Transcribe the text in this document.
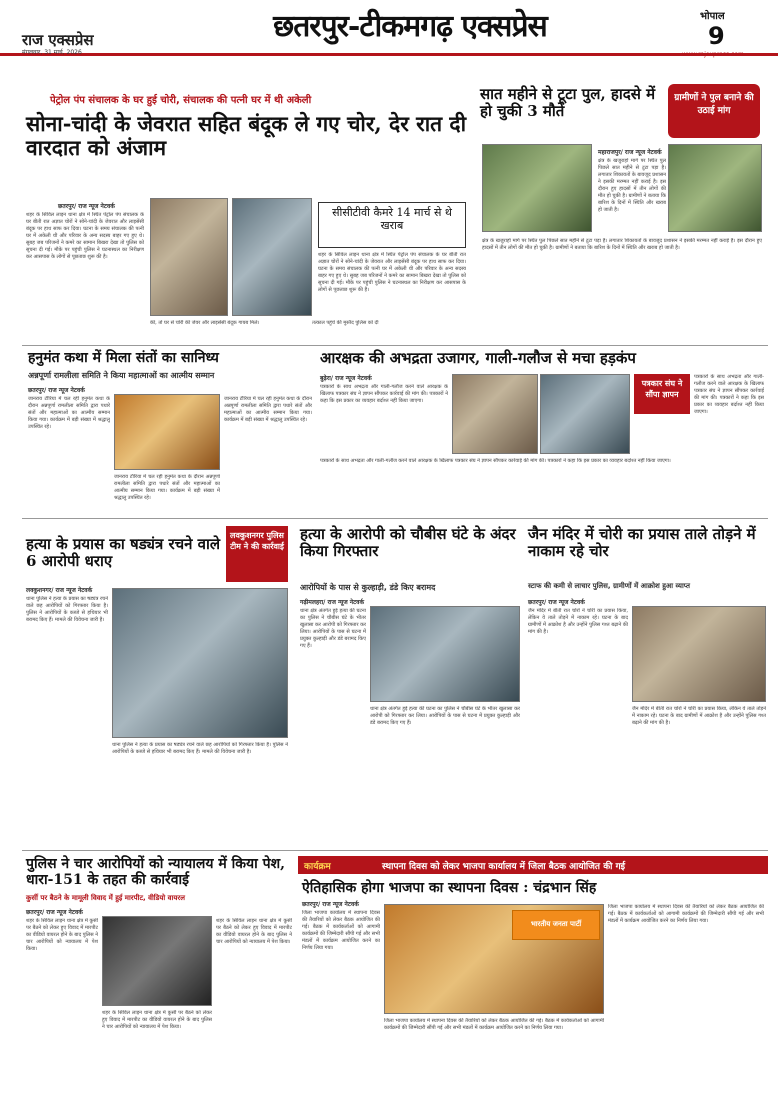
राज एक्सप्रेस
मंगलवार, 31 मार्च, 2026
छतरपुर-टीकमगढ़ एक्सप्रेस	भोपाल
9
www.rajexpress.com
पेट्रोल पंप संचालक के घर हुई चोरी, संचालक की पत्नी घर में थी अकेली
सोना-चांदी के जेवरात सहित बंदूक ले गए चोर, देर रात दी वारदात को अंजाम
छतरपुर/ राज न्यूज नेटवर्क
शहर के सिविल लाइन थाना क्षेत्र में स्थित पेट्रोल पंप संचालक के घर बीती रात अज्ञात चोरों ने सोने-चांदी के जेवरात और लाइसेंसी बंदूक पर हाथ साफ कर दिया। घटना के समय संचालक की पत्नी घर में अकेली थी और परिवार के अन्य सदस्य बाहर गए हुए थे। सुबह जब परिजनों ने कमरे का सामान बिखरा देखा तो पुलिस को सूचना दी गई। मौके पर पहुंची पुलिस ने घटनास्थल का निरीक्षण कर आसपास के लोगों से पूछताछ शुरू की है।
की, तो घर से चोरी की जेवर और लाइसेंसी बंदूक गायब मिले।	तत्काल पहुंचे की मुस्तैद पुलिस को दी
सीसीटीवी कैमरे 14 मार्च से थे खराब
शहर के सिविल लाइन थाना क्षेत्र में स्थित पेट्रोल पंप संचालक के घर बीती रात अज्ञात चोरों ने सोने-चांदी के जेवरात और लाइसेंसी बंदूक पर हाथ साफ कर दिया। घटना के समय संचालक की पत्नी घर में अकेली थी और परिवार के अन्य सदस्य बाहर गए हुए थे। सुबह जब परिजनों ने कमरे का सामान बिखरा देखा तो पुलिस को सूचना दी गई। मौके पर पहुंची पुलिस ने घटनास्थल का निरीक्षण कर आसपास के लोगों से पूछताछ शुरू की है।
सात महीने से टूटा पुल, हादसे में हो चुकी 3 मौतें
ग्रामीणों ने पुल बनाने की उठाई मांग
महाराजपुर/ राज न्यूज नेटवर्क
क्षेत्र के खजुराहो मार्ग पर स्थित पुल पिछले सात महीने से टूटा पड़ा है। लगातार शिकायतों के बावजूद प्रशासन ने इसकी मरम्मत नहीं कराई है। इस दौरान हुए हादसों में तीन लोगों की मौत हो चुकी है। ग्रामीणों ने बताया कि बारिश के दिनों में स्थिति और खराब हो जाती है।
क्षेत्र के खजुराहो मार्ग पर स्थित पुल पिछले सात महीने से टूटा पड़ा है। लगातार शिकायतों के बावजूद प्रशासन ने इसकी मरम्मत नहीं कराई है। इस दौरान हुए हादसों में तीन लोगों की मौत हो चुकी है। ग्रामीणों ने बताया कि बारिश के दिनों में स्थिति और खराब हो जाती है।
हनुमंत कथा में मिला संतों का सानिध्य
अन्नपूर्णा रामलीला समिति ने किया महात्माओं का आत्मीय सम्मान
छतरपुर/ राज न्यूज नेटवर्क
जानराय टौरिया में चल रही हनुमंत कथा के दौरान अन्नपूर्णा रामलीला समिति द्वारा पधारे संतों और महात्माओं का आत्मीय सम्मान किया गया। कार्यक्रम में बड़ी संख्या में श्रद्धालु उपस्थित रहे।
जानराय टौरिया में चल रही हनुमंत कथा के दौरान अन्नपूर्णा रामलीला समिति द्वारा पधारे संतों और महात्माओं का आत्मीय सम्मान किया गया। कार्यक्रम में बड़ी संख्या में श्रद्धालु उपस्थित रहे।
जानराय टौरिया में चल रही हनुमंत कथा के दौरान अन्नपूर्णा रामलीला समिति द्वारा पधारे संतों और महात्माओं का आत्मीय सम्मान किया गया। कार्यक्रम में बड़ी संख्या में श्रद्धालु उपस्थित रहे।
आरक्षक की अभद्रता उजागर, गाली-गलौज से मचा हड़कंप
बुढ़ेरा/ राज न्यूज नेटवर्क
पत्रकारों के साथ अभद्रता और गाली-गलौज करने वाले आरक्षक के खिलाफ पत्रकार संघ ने ज्ञापन सौंपकर कार्रवाई की मांग की। पत्रकारों ने कहा कि इस प्रकार का व्यवहार बर्दाश्त नहीं किया जाएगा।
पत्रकार संघ ने सौंपा ज्ञापन
पत्रकारों के साथ अभद्रता और गाली-गलौज करने वाले आरक्षक के खिलाफ पत्रकार संघ ने ज्ञापन सौंपकर कार्रवाई की मांग की। पत्रकारों ने कहा कि इस प्रकार का व्यवहार बर्दाश्त नहीं किया जाएगा।
पत्रकारों के साथ अभद्रता और गाली-गलौज करने वाले आरक्षक के खिलाफ पत्रकार संघ ने ज्ञापन सौंपकर कार्रवाई की मांग की। पत्रकारों ने कहा कि इस प्रकार का व्यवहार बर्दाश्त नहीं किया जाएगा।
हत्या के प्रयास का षड्यंत्र रचने वाले 6 आरोपी धराए
लवकुशनगर पुलिस टीम ने की कार्रवाई
लवकुशनगर/ राज न्यूज नेटवर्क
थाना पुलिस ने हत्या के प्रयास का षड्यंत्र रचने वाले छह आरोपियों को गिरफ्तार किया है। पुलिस ने आरोपियों के कब्जे से हथियार भी बरामद किए हैं। मामले की विवेचना जारी है।
थाना पुलिस ने हत्या के प्रयास का षड्यंत्र रचने वाले छह आरोपियों को गिरफ्तार किया है। पुलिस ने आरोपियों के कब्जे से हथियार भी बरामद किए हैं। मामले की विवेचना जारी है।
हत्या के आरोपी को चौबीस घंटे के अंदर किया गिरफ्तार
आरोपियों के पास से कुल्हाड़ी, डंडे किए बरामद
गढ़ीमलहरा/ राज न्यूज नेटवर्क
थाना क्षेत्र अंतर्गत हुई हत्या की घटना का पुलिस ने चौबीस घंटे के भीतर खुलासा कर आरोपी को गिरफ्तार कर लिया। आरोपियों के पास से घटना में प्रयुक्त कुल्हाड़ी और डंडे बरामद किए गए हैं।
थाना क्षेत्र अंतर्गत हुई हत्या की घटना का पुलिस ने चौबीस घंटे के भीतर खुलासा कर आरोपी को गिरफ्तार कर लिया। आरोपियों के पास से घटना में प्रयुक्त कुल्हाड़ी और डंडे बरामद किए गए हैं।
जैन मंदिर में चोरी का प्रयास ताले तोड़ने में नाकाम रहे चोर
स्टाफ की कमी से लाचार पुलिस, ग्रामीणों में आक्रोश हुआ व्याप्त
छतरपुर/ राज न्यूज नेटवर्क
जैन मंदिर में बीती रात चोरों ने चोरी का प्रयास किया, लेकिन वे ताले तोड़ने में नाकाम रहे। घटना के बाद ग्रामीणों में आक्रोश है और उन्होंने पुलिस गश्त बढ़ाने की मांग की है।
जैन मंदिर में बीती रात चोरों ने चोरी का प्रयास किया, लेकिन वे ताले तोड़ने में नाकाम रहे। घटना के बाद ग्रामीणों में आक्रोश है और उन्होंने पुलिस गश्त बढ़ाने की मांग की है।
पुलिस ने चार आरोपियों को न्यायालय में किया पेश, धारा-151 के तहत की कार्रवाई
कुर्सी पर बैठने के मामूली विवाद में हुई मारपीट, वीडियो वायरल
छतरपुर/ राज न्यूज नेटवर्क
शहर के सिविल लाइन थाना क्षेत्र में कुर्सी पर बैठने को लेकर हुए विवाद में मारपीट का वीडियो वायरल होने के बाद पुलिस ने चार आरोपियों को न्यायालय में पेश किया।
शहर के सिविल लाइन थाना क्षेत्र में कुर्सी पर बैठने को लेकर हुए विवाद में मारपीट का वीडियो वायरल होने के बाद पुलिस ने चार आरोपियों को न्यायालय में पेश किया।
शहर के सिविल लाइन थाना क्षेत्र में कुर्सी पर बैठने को लेकर हुए विवाद में मारपीट का वीडियो वायरल होने के बाद पुलिस ने चार आरोपियों को न्यायालय में पेश किया।
कार्यक्रम	स्थापना दिवस को लेकर भाजपा कार्यालय में जिला बैठक आयोजित की गई
ऐतिहासिक होगा भाजपा का स्थापना दिवस : चंद्रभान सिंह
छतरपुर/ राज न्यूज नेटवर्क
जिला भाजपा कार्यालय में स्थापना दिवस की तैयारियों को लेकर बैठक आयोजित की गई। बैठक में कार्यकर्ताओं को आगामी कार्यक्रमों की जिम्मेदारी सौंपी गई और सभी मंडलों में कार्यक्रम आयोजित करने का निर्णय लिया गया।
भारतीय जनता पार्टी
जिला भाजपा कार्यालय में स्थापना दिवस की तैयारियों को लेकर बैठक आयोजित की गई। बैठक में कार्यकर्ताओं को आगामी कार्यक्रमों की जिम्मेदारी सौंपी गई और सभी मंडलों में कार्यक्रम आयोजित करने का निर्णय लिया गया।
जिला भाजपा कार्यालय में स्थापना दिवस की तैयारियों को लेकर बैठक आयोजित की गई। बैठक में कार्यकर्ताओं को आगामी कार्यक्रमों की जिम्मेदारी सौंपी गई और सभी मंडलों में कार्यक्रम आयोजित करने का निर्णय लिया गया।
